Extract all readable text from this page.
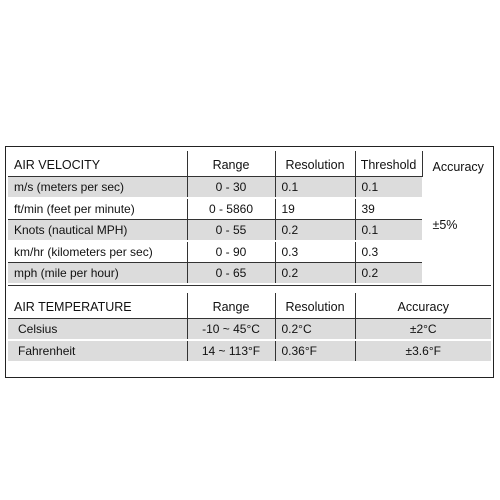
AIR VELOCITY	Range	Resolution	Threshold	Accuracy
±5%

m/s (meters per sec)	0 - 30	0.1	0.1	
ft/min (feet per minute)	0 - 5860	19	39	
Knots (nautical MPH)	0 - 55	0.2	0.1	
km/hr (kilometers per sec)	0 - 90	0.3	0.3	
mph (mile per hour)	0 - 65	0.2	0.2	
AIR TEMPERATURE	Range	Resolution	Accuracy
Celsius	-10 ~ 45°C	0.2°C	±2°C
Fahrenheit	14 ~ 113°F	0.36°F	±3.6°F
